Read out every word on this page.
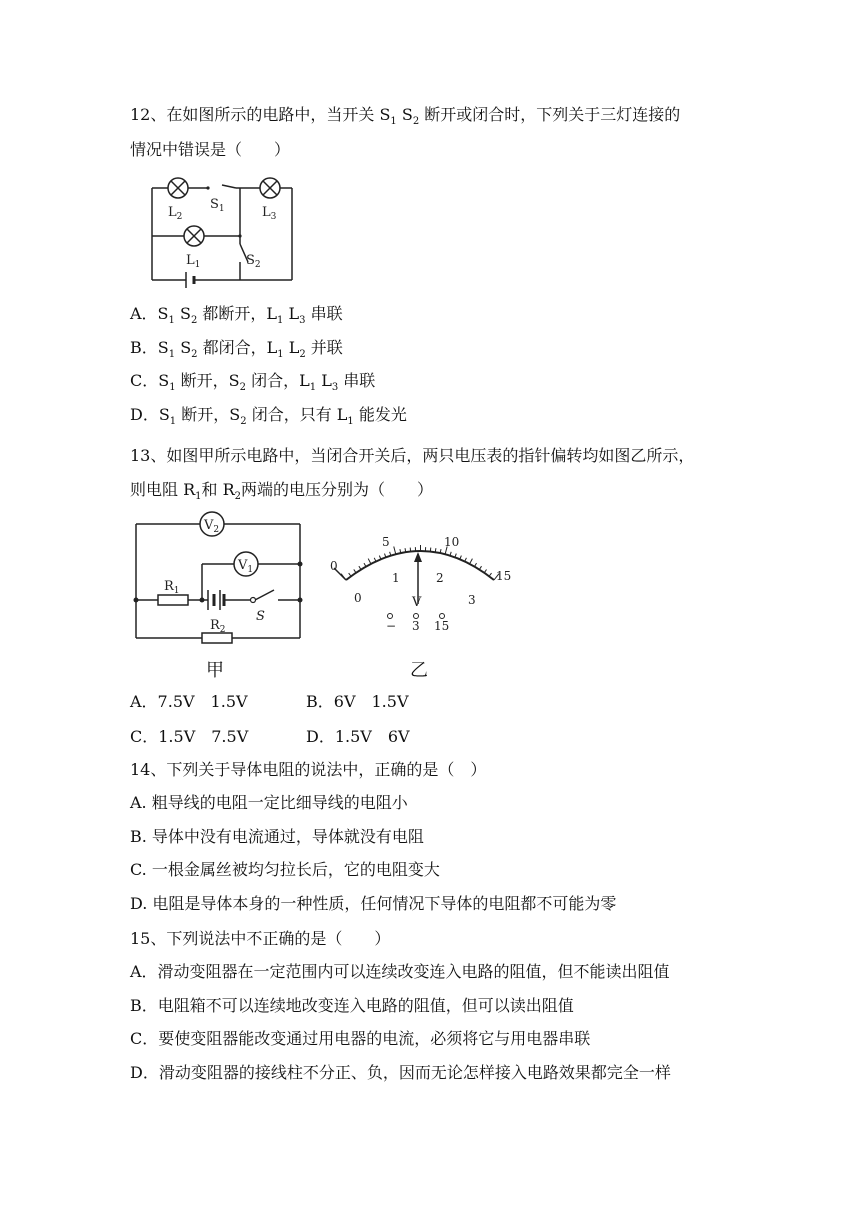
12、在如图所示的电路中，当开关 $S_1$ $S_2$ 断开或闭合时，下列关于三灯连接的
情况中错误是（　　）
$L_2$
$S_1$	$L_3$
$L_1$	$S_2$
A．$S_1$ $S_2$ 都断开，$L_1$ $L_3$ 串联
B．$S_1$ $S_2$ 都闭合，$L_1$ $L_2$ 并联
C．$S_1$ 断开，$S_2$ 闭合，$L_1$ $L_3$ 串联
D．$S_1$ 断开，$S_2$ 闭合，只有 $L_1$ 能发光
13、如图甲所示电路中，当闭合开关后，两只电压表的指针偏转均如图乙所示，
则电阻 $R_1$和 $R_2$两端的电压分别为（　　）
$V_2$
$V_1$
$R_1$
$R_2$
S
甲
0
5	10
15
0
1	2
3
V
− 3 15
乙
A．7.5V　1.5V	B．6V　1.5V
C．1.5V　7.5V	D．1.5V　6V
14、下列关于导体电阻的说法中，正确的是（　）
A. 粗导线的电阻一定比细导线的电阻小
B. 导体中没有电流通过，导体就没有电阻
C. 一根金属丝被均匀拉长后，它的电阻变大
D. 电阻是导体本身的一种性质，任何情况下导体的电阻都不可能为零
15、下列说法中不正确的是（　　）
A．滑动变阻器在一定范围内可以连续改变连入电路的阻值，但不能读出阻值
B．电阻箱不可以连续地改变连入电路的阻值，但可以读出阻值
C．要使变阻器能改变通过用电器的电流，必须将它与用电器串联
D．滑动变阻器的接线柱不分正、负，因而无论怎样接入电路效果都完全一样
